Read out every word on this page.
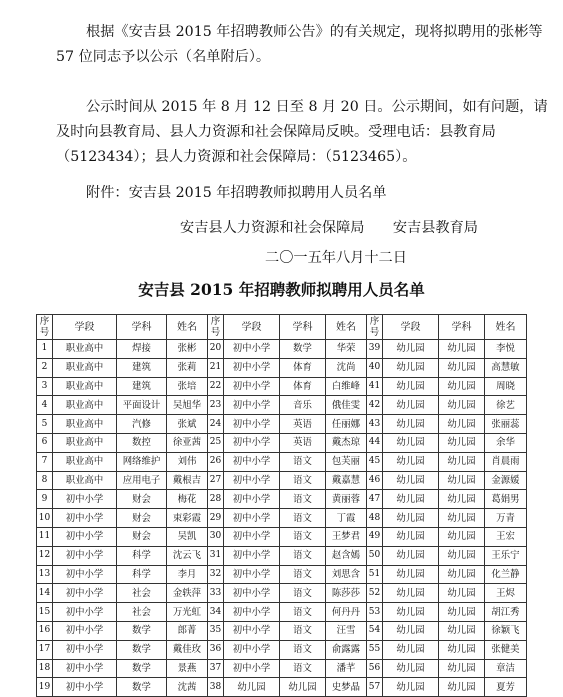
根据《安吉县 2015 年招聘教师公告》的有关规定，现将拟聘用的张彬等 57 位同志予以公示（名单附后）。

公示时间从 2015 年 8 月 12 日至 8 月 20 日。公示期间，如有问题，请及时向县教育局、县人力资源和社会保障局反映。受理电话：县教育局（5123434）；县人力资源和社会保障局：（5123465）。

附件：安吉县 2015 年招聘教师拟聘用人员名单

安吉县人力资源和社会保障局　　安吉县教育局

二〇一五年八月十二日

安吉县 2015 年招聘教师拟聘用人员名单
序号	学段	学科	姓名	序号	学段	学科	姓名	序号	学段	学科	姓名
1	职业高中	焊接	张彬	20	初中小学	数学	华荣	39	幼儿园	幼儿园	李悦
2	职业高中	建筑	张莉	21	初中小学	体育	沈尚	40	幼儿园	幼儿园	高慧敏
3	职业高中	建筑	张培	22	初中小学	体育	白维峰	41	幼儿园	幼儿园	周晓
4	职业高中	平面设计	吴旭华	23	初中小学	音乐	俄佳雯	42	幼儿园	幼儿园	徐艺
5	职业高中	汽修	张斌	24	初中小学	英语	任丽娜	43	幼儿园	幼儿园	张丽蕊
6	职业高中	数控	徐亚茜	25	初中小学	英语	戴杰琼	44	幼儿园	幼儿园	余华
7	职业高中	网络维护	刘伟	26	初中小学	语文	包芙丽	45	幼儿园	幼儿园	肖晨雨
8	职业高中	应用电子	戴根吉	27	初中小学	语文	戴嘉慧	46	幼儿园	幼儿园	金源媛
9	初中小学	财会	梅花	28	初中小学	语文	黄丽蓉	47	幼儿园	幼儿园	葛娟男
10	初中小学	财会	束彩霞	29	初中小学	语文	丁霞	48	幼儿园	幼儿园	万青
11	初中小学	财会	吴凯	30	初中小学	语文	王梦君	49	幼儿园	幼儿园	王宏
12	初中小学	科学	沈云飞	31	初中小学	语文	赵含嫣	50	幼儿园	幼儿园	王乐宁
13	初中小学	科学	李月	32	初中小学	语文	刘思含	51	幼儿园	幼儿园	化兰静
14	初中小学	社会	金轶萍	33	初中小学	语文	陈莎莎	52	幼儿园	幼儿园	王烬
15	初中小学	社会	万光虹	34	初中小学	语文	何丹丹	53	幼儿园	幼儿园	胡江秀
16	初中小学	数学	郎菁	35	初中小学	语文	汪雪	54	幼儿园	幼儿园	徐颖飞
17	初中小学	数学	戴佳玫	36	初中小学	语文	俞露露	55	幼儿园	幼儿园	张健美
18	初中小学	数学	景燕	37	初中小学	语文	潘芊	56	幼儿园	幼儿园	章洁
19	初中小学	数学	沈茜	38	幼儿园	幼儿园	史梦晶	57	幼儿园	幼儿园	夏芳
